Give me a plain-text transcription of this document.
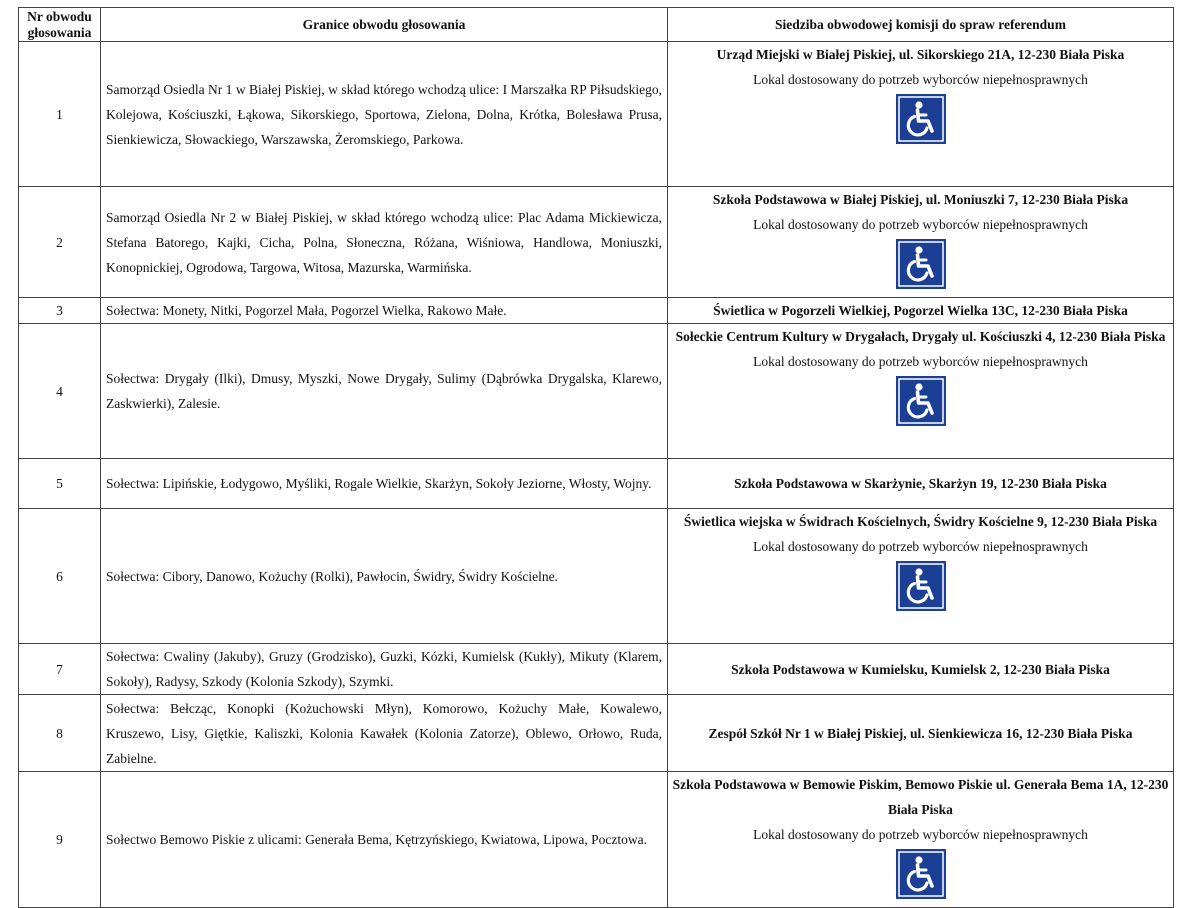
Nr obwodu głosowania	Granice obwodu głosowania	Siedziba obwodowej komisji do spraw referendum
1	Samorząd Osiedla Nr 1 w Białej Piskiej, w skład którego wchodzą ulice: I Marszałka RP Piłsudskiego, Kolejowa, Kościuszki, Łąkowa, Sikorskiego, Sportowa, Zielona, Dolna, Krótka, Bolesława Prusa, Sienkiewicza, Słowackiego, Warszawska, Żeromskiego, Parkowa.	Urząd Miejski w Białej Piskiej, ul. Sikorskiego 21A, 12-230 Biała Piska
Lokal dostosowany do potrzeb wyborców niepełnosprawnych

2	Samorząd Osiedla Nr 2 w Białej Piskiej, w skład którego wchodzą ulice: Plac Adama Mickiewicza, Stefana Batorego, Kajki, Cicha, Polna, Słoneczna, Różana, Wiśniowa, Handlowa, Moniuszki, Konopnickiej, Ogrodowa, Targowa, Witosa, Mazurska, Warmińska.	Szkoła Podstawowa w Białej Piskiej, ul. Moniuszki 7, 12-230 Biała Piska
Lokal dostosowany do potrzeb wyborców niepełnosprawnych

3	Sołectwa: Monety, Nitki, Pogorzel Mała, Pogorzel Wielka, Rakowo Małe.	Świetlica w Pogorzeli Wielkiej, Pogorzel Wielka 13C, 12-230 Biała Piska

4	Sołectwa: Drygały (Ilki), Dmusy, Myszki, Nowe Drygały, Sulimy (Dąbrówka Drygalska, Klarewo, Zaskwierki), Zalesie.	Sołeckie Centrum Kultury w Drygałach, Drygały ul. Kościuszki 4, 12-230 Biała Piska
Lokal dostosowany do potrzeb wyborców niepełnosprawnych

5	Sołectwa: Lipińskie, Łodygowo, Myśliki, Rogale Wielkie, Skarżyn, Sokoły Jeziorne, Włosty, Wojny.	Szkoła Podstawowa w Skarżynie, Skarżyn 19, 12-230 Biała Piska

6	Sołectwa: Cibory, Danowo, Kożuchy (Rolki), Pawłocin, Świdry, Świdry Kościelne.	Świetlica wiejska w Świdrach Kościelnych, Świdry Kościelne 9, 12-230 Biała Piska
Lokal dostosowany do potrzeb wyborców niepełnosprawnych

7	Sołectwa: Cwaliny (Jakuby), Gruzy (Grodzisko), Guzki, Kózki, Kumielsk (Kukły), Mikuty (Klarem, Sokoły), Radysy, Szkody (Kolonia Szkody), Szymki.	Szkoła Podstawowa w Kumielsku, Kumielsk 2, 12-230 Biała Piska

8	Sołectwa: Bełcząc, Konopki (Kożuchowski Młyn), Komorowo, Kożuchy Małe, Kowalewo, Kruszewo, Lisy, Giętkie, Kaliszki, Kolonia Kawałek (Kolonia Zatorze), Oblewo, Orłowo, Ruda, Zabielne.	Zespół Szkół Nr 1 w Białej Piskiej, ul. Sienkiewicza 16, 12-230 Biała Piska

9	Sołectwo Bemowo Piskie z ulicami: Generała Bema, Kętrzyńskiego, Kwiatowa, Lipowa, Pocztowa.	Szkoła Podstawowa w Bemowie Piskim, Bemowo Piskie ul. Generała Bema 1A, 12-230 Biała Piska
Lokal dostosowany do potrzeb wyborców niepełnosprawnych
